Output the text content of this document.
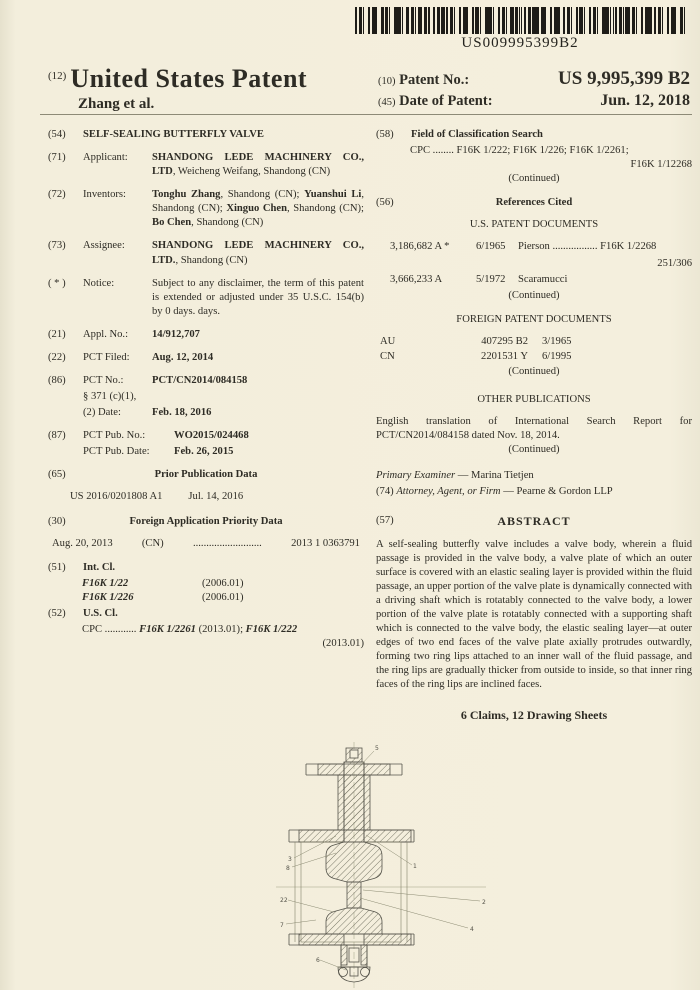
US009995399B2
$^{(12)}$ United States Patent
Zhang et al.
(10) Patent No.:	US 9,995,399 B2
(45) Date of Patent:	Jun. 12, 2018
(54)	SELF-SEALING BUTTERFLY VALVE
(71)	Applicant:	SHANDONG LEDE MACHINERY CO., LTD, Weicheng Weifang, Shandong (CN)
(72)	Inventors:	Tonghu Zhang, Shandong (CN); Yuanshui Li, Shandong (CN); Xinguo Chen, Shandong (CN); Bo Chen, Shandong (CN)
(73)	Assignee:	SHANDONG LEDE MACHINERY CO., LTD., Shandong (CN)
( * )	Notice:	Subject to any disclaimer, the term of this patent is extended or adjusted under 35 U.S.C. 154(b) by 0 days. days.
(21)	Appl. No.:	14/912,707
(22)	PCT Filed:	Aug. 12, 2014
(86)	PCT No.:	PCT/CN2014/084158
§ 371 (c)(1),
(2) Date:	Feb. 18, 2016
(87)	PCT Pub. No.:	WO2015/024468
PCT Pub. Date:	Feb. 26, 2015
(65)	Prior Publication Data
US 2016/0201808 A1 Jul. 14, 2016
(30)	Foreign Application Priority Data
Aug. 20, 2013	(CN)	..........................	2013 1 0363791
(51)	Int. Cl.
F16K 1/22	(2006.01)
F16K 1/226	(2006.01)
(52)	U.S. Cl.
CPC ............ F16K 1/2261 (2013.01); F16K 1/222
(2013.01)
(58)	Field of Classification Search
CPC ........ F16K 1/222; F16K 1/226; F16K 1/2261;
F16K 1/12268
(Continued)
(56)	References Cited
U.S. PATENT DOCUMENTS
3,186,682 A *	6/1965	Pierson ................. F16K 1/2268
251/306
3,666,233 A	5/1972	Scaramucci
(Continued)
FOREIGN PATENT DOCUMENTS
AU	407295 B2	3/1965
CN	2201531 Y	6/1995
(Continued)
OTHER PUBLICATIONS
English translation of International Search Report for PCT/CN2014/084158 dated Nov. 18, 2014.
(Continued)
Primary Examiner — Marina Tietjen
(74) Attorney, Agent, or Firm — Pearne & Gordon LLP
(57)	ABSTRACT
A self-sealing butterfly valve includes a valve body, wherein a fluid passage is provided in the valve body, a valve plate of which an outer surface is covered with an elastic sealing layer is provided within the fluid passage, an upper portion of the valve plate is dynamically connected with a driving shaft which is rotatably connected to the valve body, a lower portion of the valve plate is rotatably connected with a supporting shaft which is connected to the valve body, the elastic sealing layer—at outer edges of two end faces of the valve plate axially protrudes outwardly, forming two ring lips attached to an inner wall of the fluid passage, and the ring lips are gradually thicker from outside to inside, so that inner ring faces of the ring lips are inclined faces.
6 Claims, 12 Drawing Sheets
5
1
3
8
2
4
22
7
6
